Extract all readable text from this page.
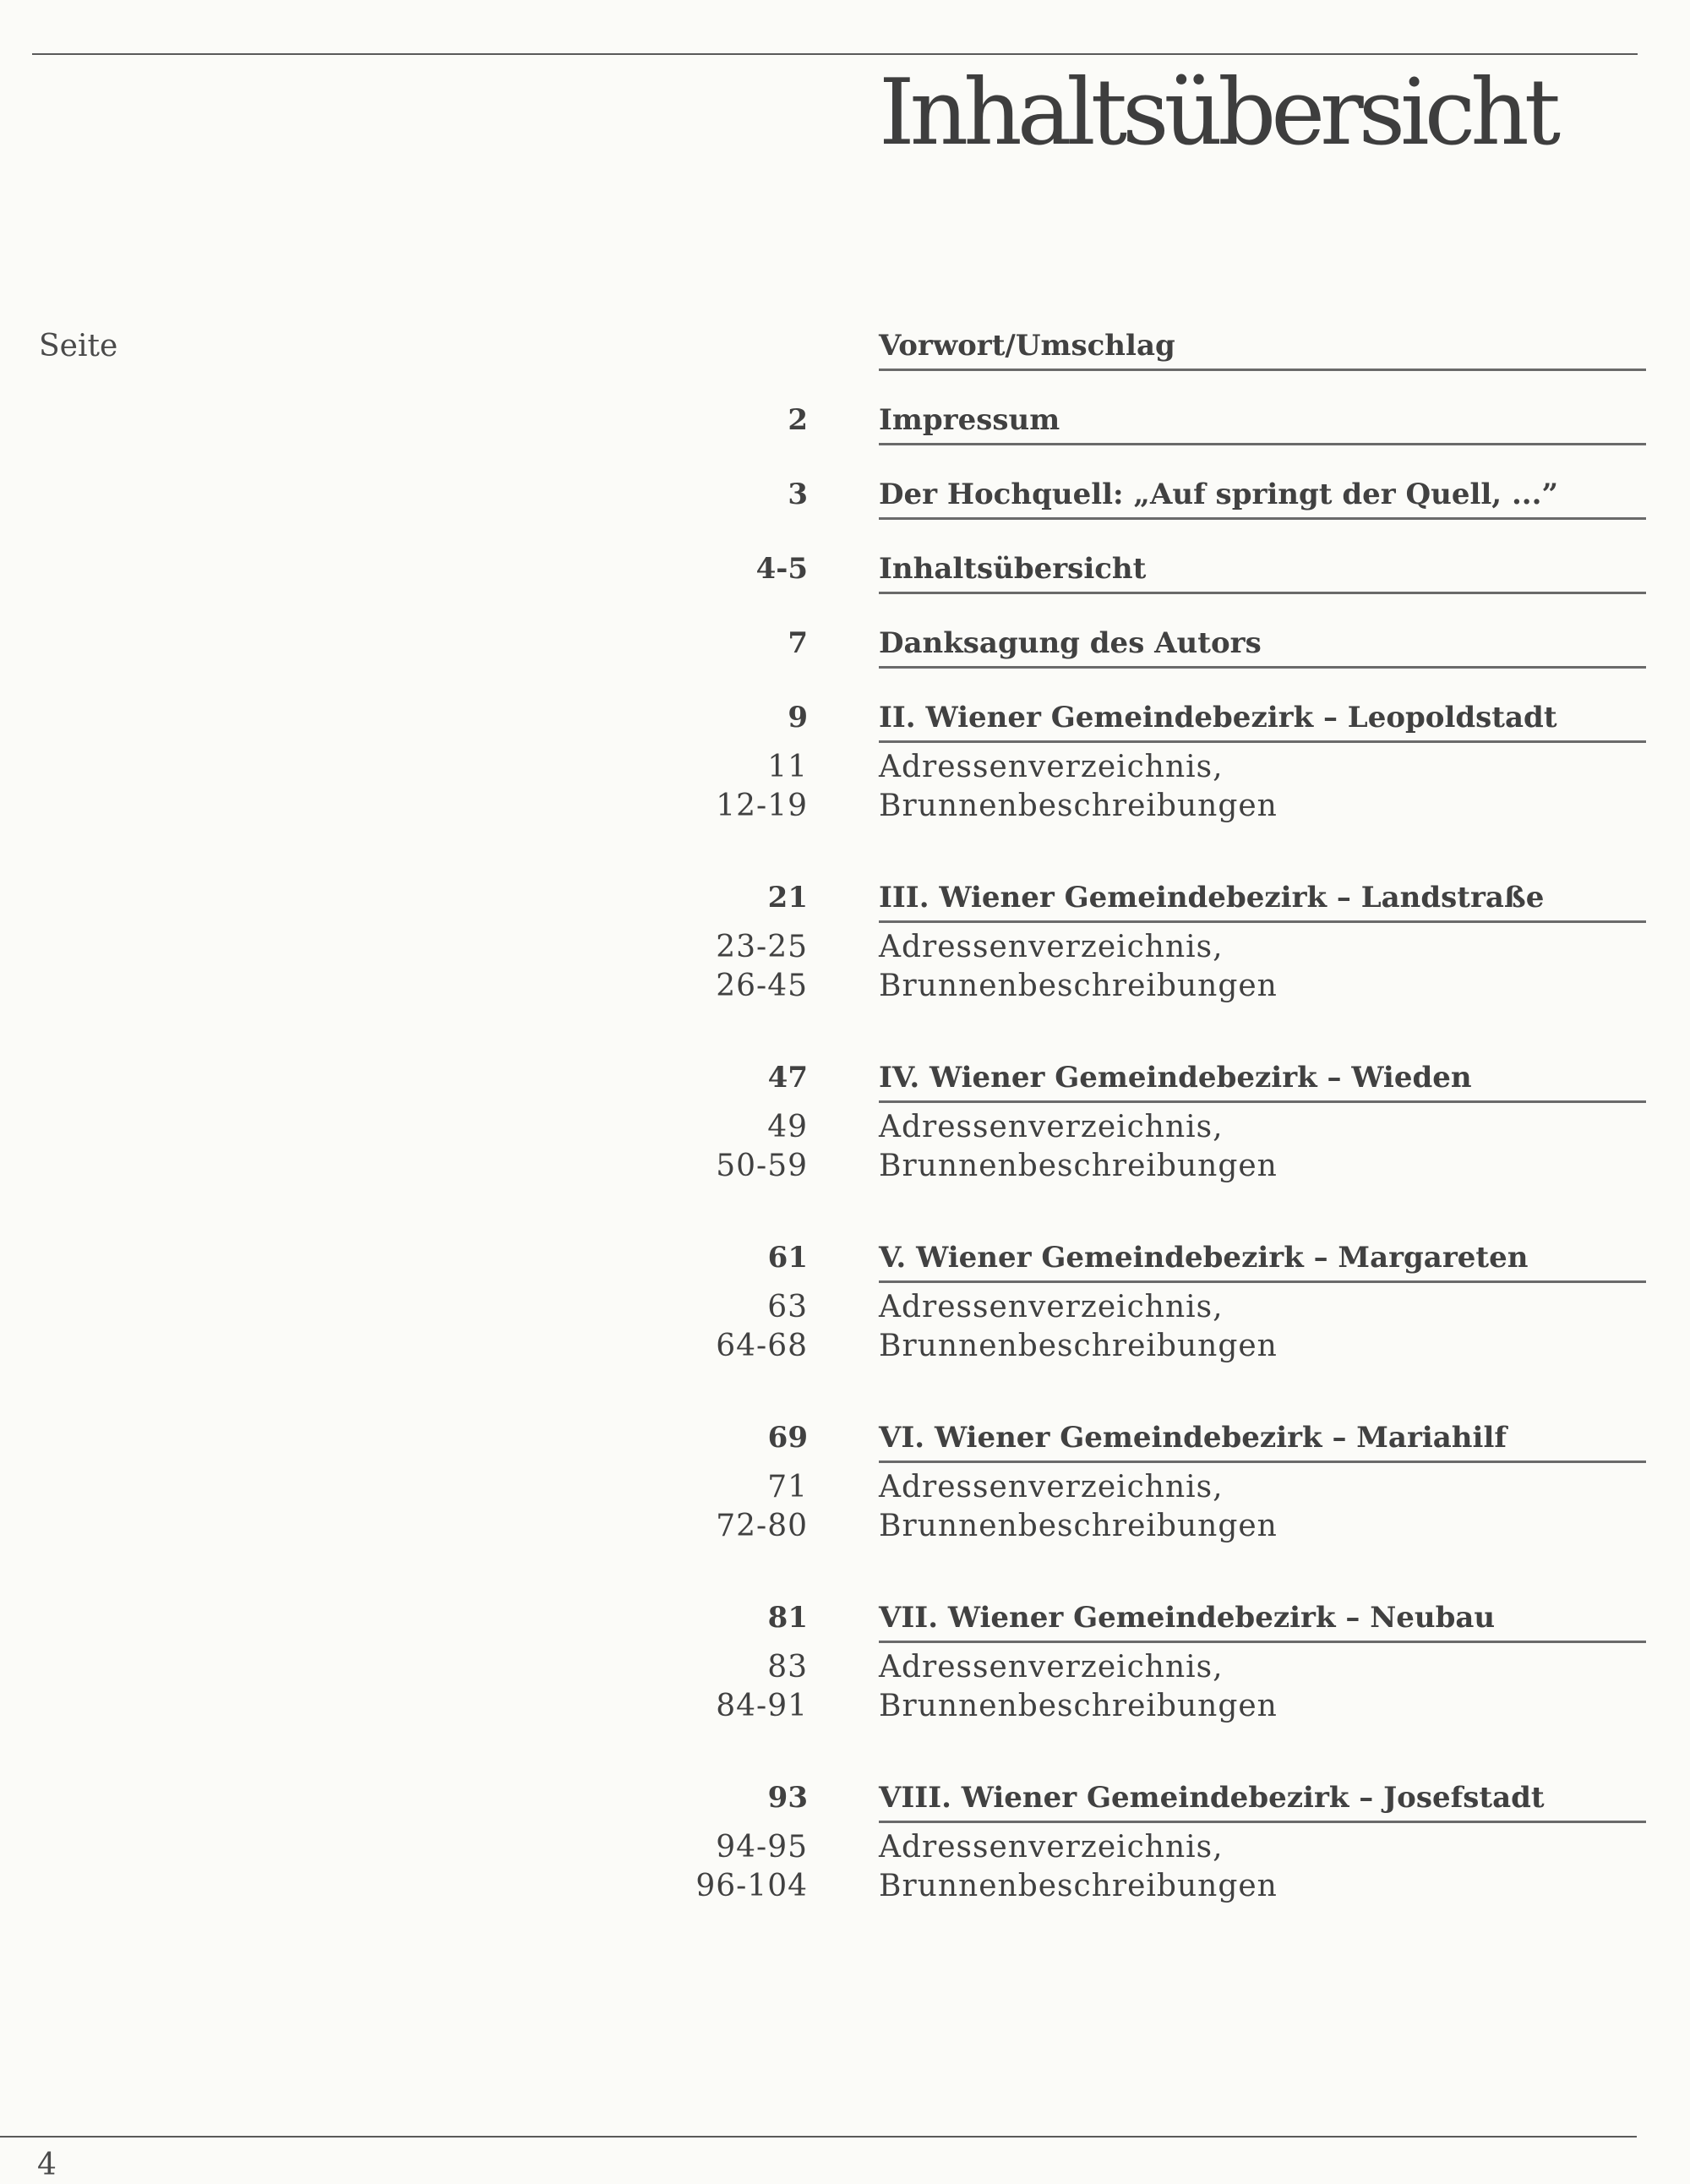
Inhaltsübersicht
Seite	Vorwort/Umschlag
2 Impressum
3 Der Hochquell: „Auf springt der Quell, ...”
4-5 Inhaltsübersicht
7 Danksagung des Autors
9 II. Wiener Gemeindebezirk – Leopoldstadt
11 Adressenverzeichnis,
12-19 Brunnenbeschreibungen
21 III. Wiener Gemeindebezirk – Landstraße
23-25 Adressenverzeichnis,
26-45 Brunnenbeschreibungen
47 IV. Wiener Gemeindebezirk – Wieden
49 Adressenverzeichnis,
50-59 Brunnenbeschreibungen
61 V. Wiener Gemeindebezirk – Margareten
63 Adressenverzeichnis,
64-68 Brunnenbeschreibungen
69 VI. Wiener Gemeindebezirk – Mariahilf
71 Adressenverzeichnis,
72-80 Brunnenbeschreibungen
81 VII. Wiener Gemeindebezirk – Neubau
83 Adressenverzeichnis,
84-91 Brunnenbeschreibungen
93 VIII. Wiener Gemeindebezirk – Josefstadt
94-95 Adressenverzeichnis,
96-104 Brunnenbeschreibungen
4
